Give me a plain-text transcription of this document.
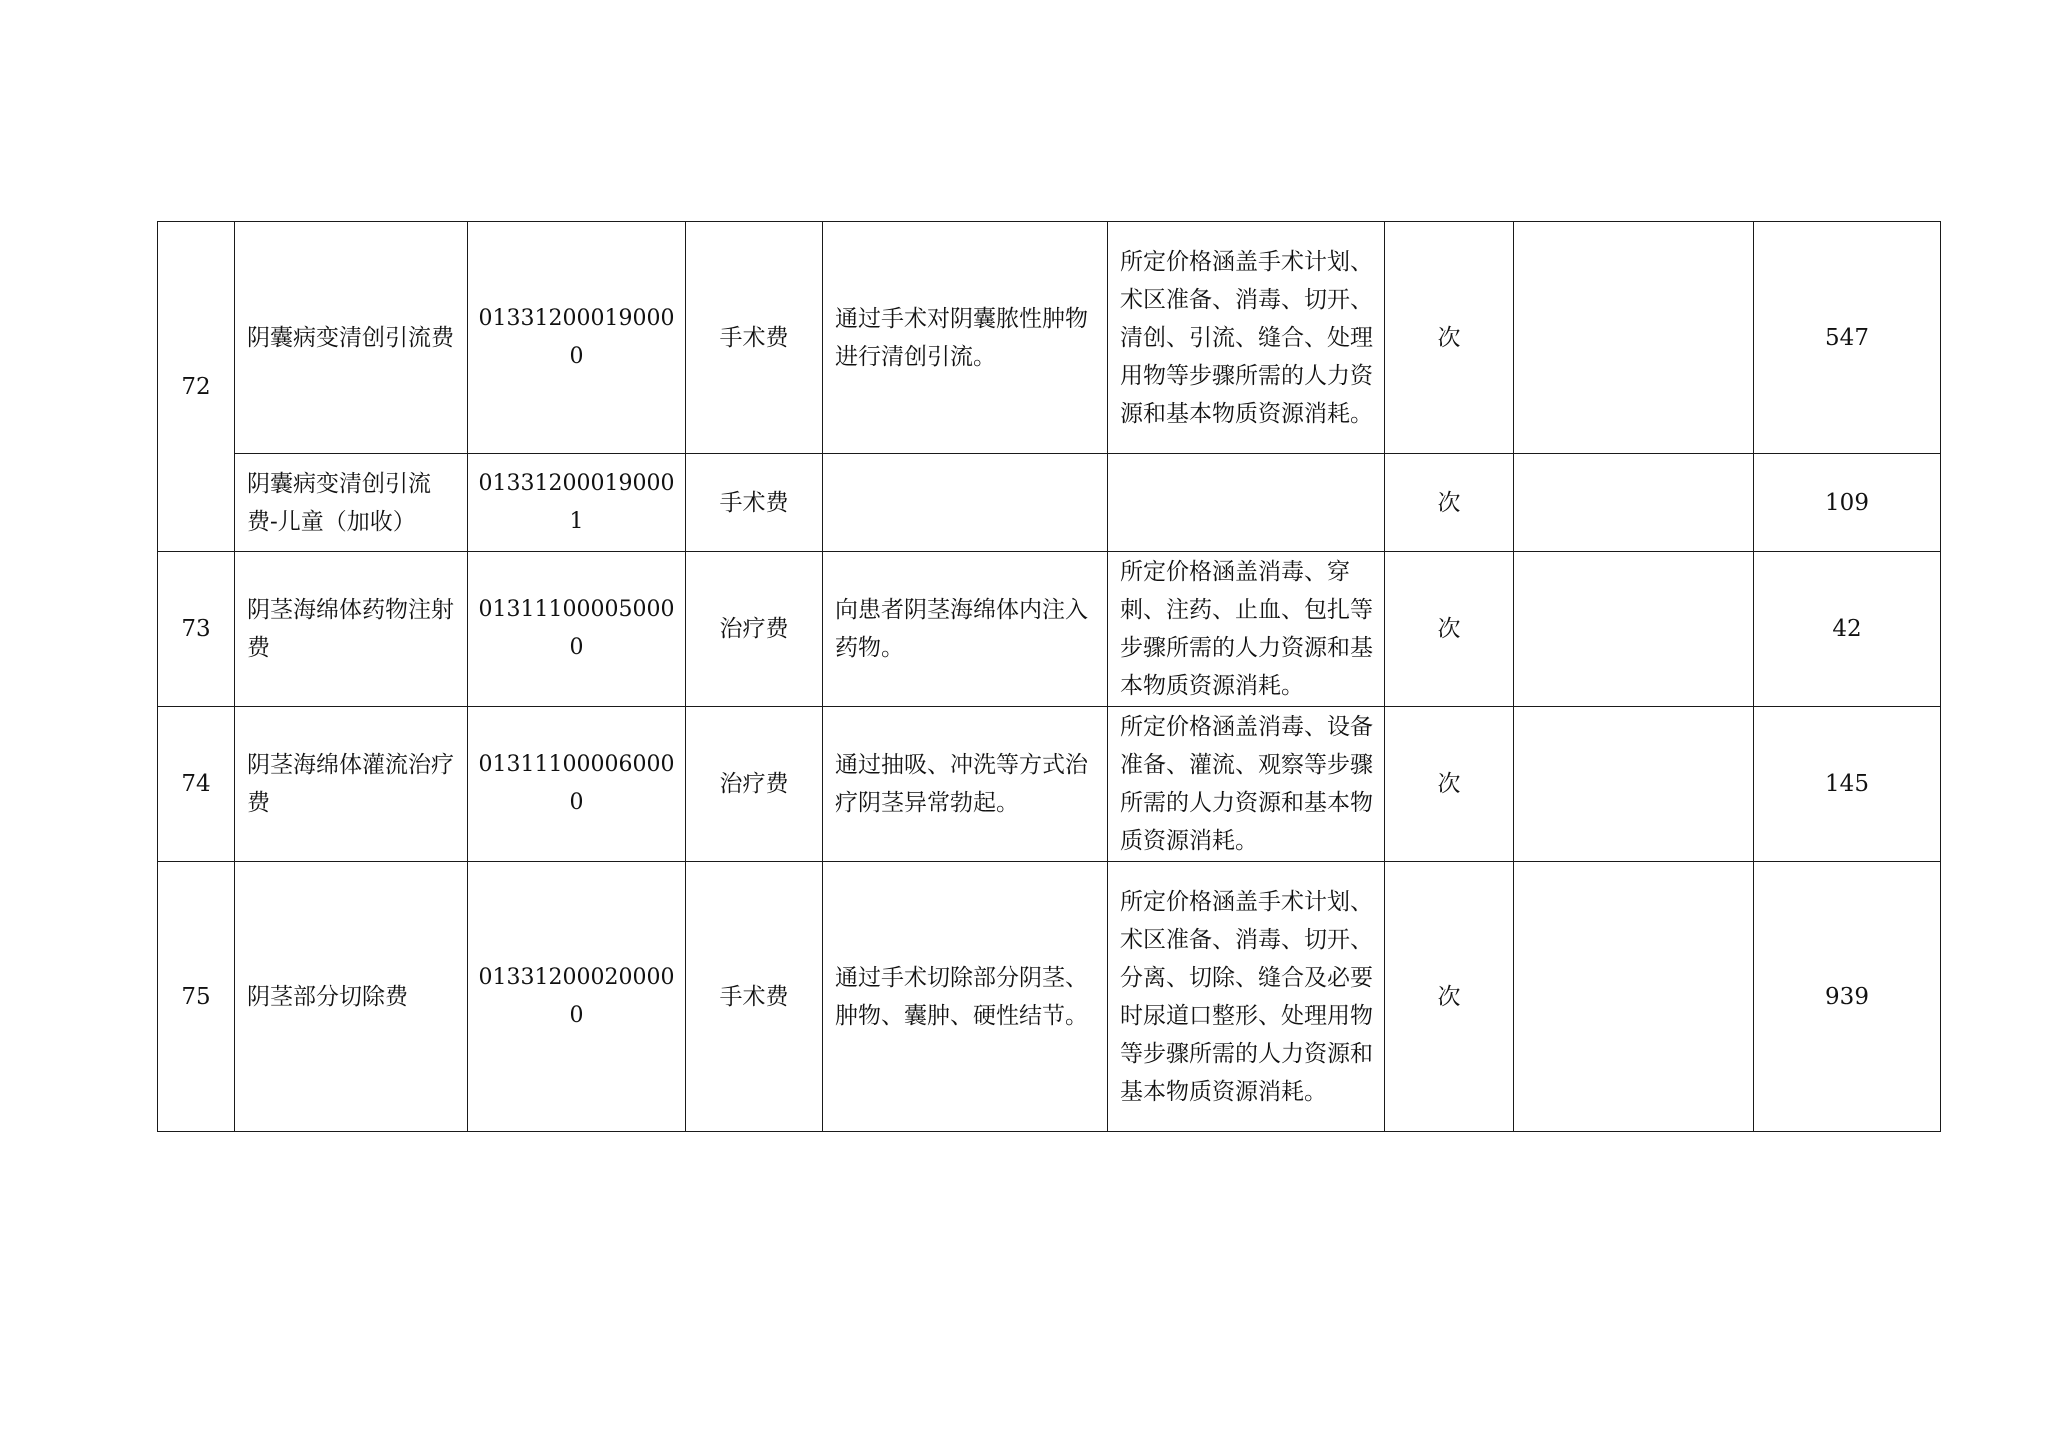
72	阴囊病变清创引流费	013312000190000	手术费	通过手术对阴囊脓性肿物进行清创引流。	所定价格涵盖手术计划、术区准备、消毒、切开、清创、引流、缝合、处理用物等步骤所需的人力资源和基本物质资源消耗。	次		547
	阴囊病变清创引流费-儿童（加收）	013312000190001	手术费			次		109
73	阴茎海绵体药物注射费	013111000050000	治疗费	向患者阴茎海绵体内注入药物。	所定价格涵盖消毒、穿刺、注药、止血、包扎等步骤所需的人力资源和基本物质资源消耗。	次		42
74	阴茎海绵体灌流治疗费	013111000060000	治疗费	通过抽吸、冲洗等方式治疗阴茎异常勃起。	所定价格涵盖消毒、设备准备、灌流、观察等步骤所需的人力资源和基本物质资源消耗。	次		145
75	阴茎部分切除费	013312000200000	手术费	通过手术切除部分阴茎、肿物、囊肿、硬性结节。	所定价格涵盖手术计划、术区准备、消毒、切开、分离、切除、缝合及必要时尿道口整形、处理用物等步骤所需的人力资源和基本物质资源消耗。	次		939
